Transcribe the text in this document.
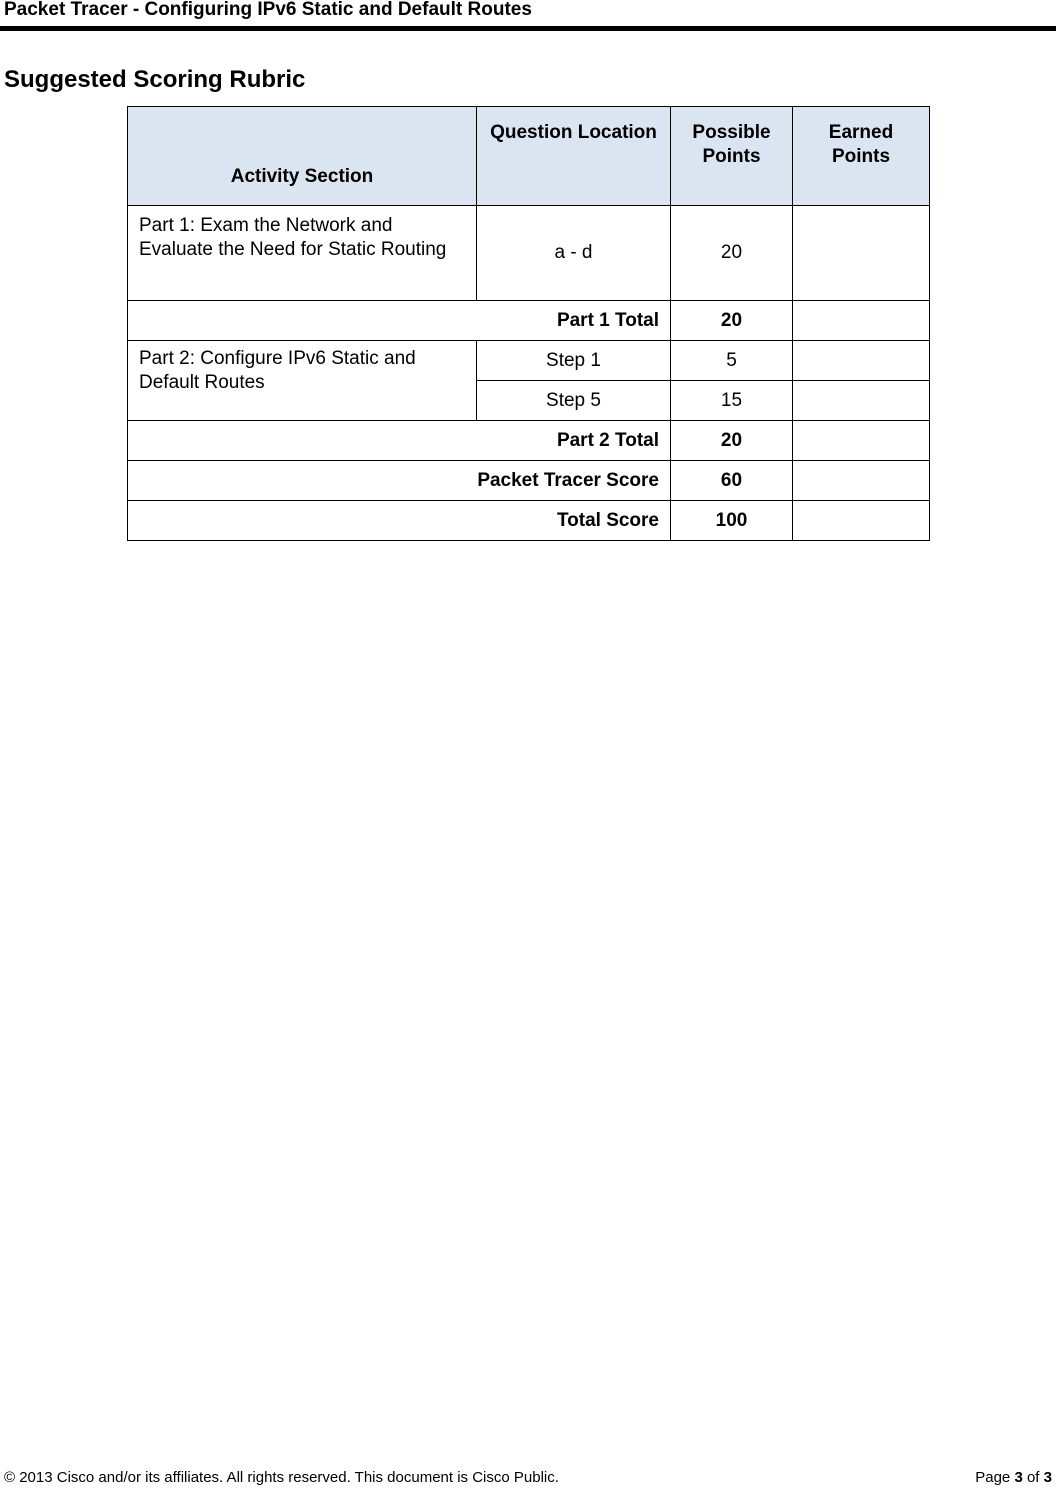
Packet Tracer - Configuring IPv6 Static and Default Routes
Suggested Scoring Rubric
Activity Section	Question Location	Possible Points	Earned Points
Part 1: Exam the Network and Evaluate the Need for Static Routing	a - d	20	
Part 1 Total		20	
Part 2: Configure IPv6 Static and Default Routes	Step 1	5	
	Step 5	15	
Part 2 Total		20	
Packet Tracer Score		60	
Total Score		100	
© 2013 Cisco and/or its affiliates. All rights reserved. This document is Cisco Public.	Page 3 of 3
